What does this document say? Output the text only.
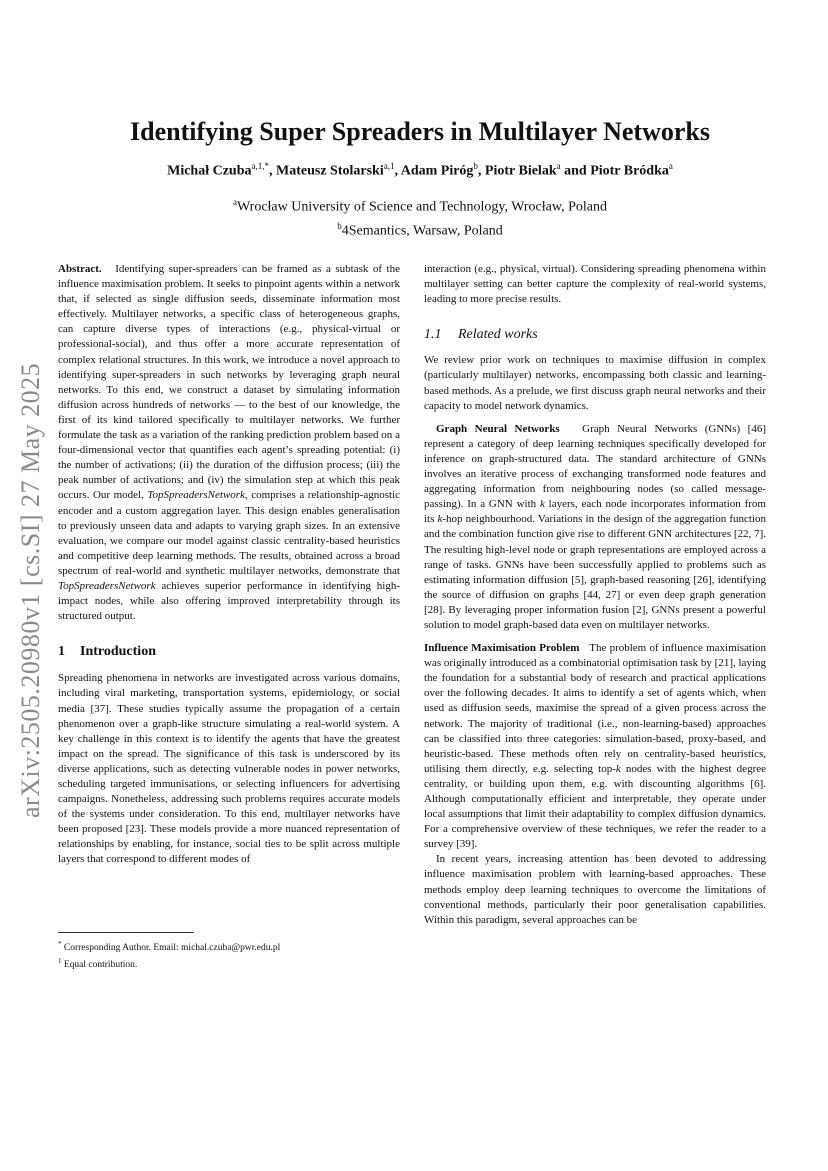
arXiv:2505.20980v1 [cs.SI] 27 May 2025
Identifying Super Spreaders in Multilayer Networks
Michał Czuba$^{a,1,*}$, Mateusz Stolarski$^{a,1}$, Adam Piróg$^b$, Piotr Bielak$^a$ and Piotr Bródka$^a$
$^a$Wrocław University of Science and Technology, Wrocław, Poland
$^b$4Semantics, Warsaw, Poland

Abstract. Identifying super-spreaders can be framed as a subtask of the influence maximisation problem. It seeks to pinpoint agents within a network that, if selected as single diffusion seeds, disseminate information most effectively. Multilayer networks, a specific class of heterogeneous graphs, can capture diverse types of interactions (e.g., physical-virtual or professional-social), and thus offer a more accurate representation of complex relational structures. In this work, we introduce a novel approach to identifying super-spreaders in such networks by leveraging graph neural networks. To this end, we construct a dataset by simulating information diffusion across hundreds of networks — to the best of our knowledge, the first of its kind tailored specifically to multilayer networks. We further formulate the task as a variation of the ranking prediction problem based on a four-dimensional vector that quantifies each agent’s spreading potential: (i) the number of activations; (ii) the duration of the diffusion process; (iii) the peak number of activations; and (iv) the simulation step at which this peak occurs. Our model, TopSpreadersNetwork, comprises a relationship-agnostic encoder and a custom aggregation layer. This design enables generalisation to previously unseen data and adapts to varying graph sizes. In an extensive evaluation, we compare our model against classic centrality-based heuristics and competitive deep learning methods. The results, obtained across a broad spectrum of real-world and synthetic multilayer networks, demonstrate that TopSpreadersNetwork achieves superior performance in identifying high-impact nodes, while also offering improved interpretability through its structured output.

1 Introduction

Spreading phenomena in networks are investigated across various domains, including viral marketing, transportation systems, epidemiology, or social media [37]. These studies typically assume the propagation of a certain phenomenon over a graph-like structure simulating a real-world system. A key challenge in this context is to identify the agents that have the greatest impact on the spread. The significance of this task is underscored by its diverse applications, such as detecting vulnerable nodes in power networks, scheduling targeted immunisations, or selecting influencers for advertising campaigns. Nonetheless, addressing such problems requires accurate models of the systems under consideration. To this end, multilayer networks have been proposed [23]. These models provide a more nuanced representation of relationships by enabling, for instance, social ties to be split across multiple layers that correspond to different modes of

* Corresponding Author. Email: michal.czuba@pwr.edu.pl

$^1$ Equal contribution.

interaction (e.g., physical, virtual). Considering spreading phenomena within multilayer setting can better capture the complexity of real-world systems, leading to more precise results.

1.1 Related works

We review prior work on techniques to maximise diffusion in complex (particularly multilayer) networks, encompassing both classic and learning-based methods. As a prelude, we first discuss graph neural networks and their capacity to model network dynamics.

Graph Neural Networks Graph Neural Networks (GNNs) [46] represent a category of deep learning techniques specifically developed for inference on graph-structured data. The standard architecture of GNNs involves an iterative process of exchanging transformed node features and aggregating information from neighbouring nodes (so called message-passing). In a GNN with k layers, each node incorporates information from its k-hop neighbourhood. Variations in the design of the aggregation function and the combination function give rise to different GNN architectures [22, 7]. The resulting high-level node or graph representations are employed across a range of tasks. GNNs have been successfully applied to problems such as estimating information diffusion [5], graph-based reasoning [26], identifying the source of diffusion on graphs [44, 27] or even deep graph generation [28]. By leveraging proper information fusion [2], GNNs present a powerful solution to model graph-based data even on multilayer networks.

Influence Maximisation Problem The problem of influence maximisation was originally introduced as a combinatorial optimisation task by [21], laying the foundation for a substantial body of research and practical applications over the following decades. It aims to identify a set of agents which, when used as diffusion seeds, maximise the spread of a given process across the network. The majority of traditional (i.e., non-learning-based) approaches can be classified into three categories: simulation-based, proxy-based, and heuristic-based. These methods often rely on centrality-based heuristics, utilising them directly, e.g. selecting top-k nodes with the highest degree centrality, or building upon them, e.g. with discounting algorithms [6]. Although computationally efficient and interpretable, they operate under local assumptions that limit their adaptability to complex diffusion dynamics. For a comprehensive overview of these techniques, we refer the reader to a survey [39].

In recent years, increasing attention has been devoted to addressing influence maximisation problem with learning-based approaches. These methods employ deep learning techniques to overcome the limitations of conventional methods, particularly their poor generalisation capabilities. Within this paradigm, several approaches can be
